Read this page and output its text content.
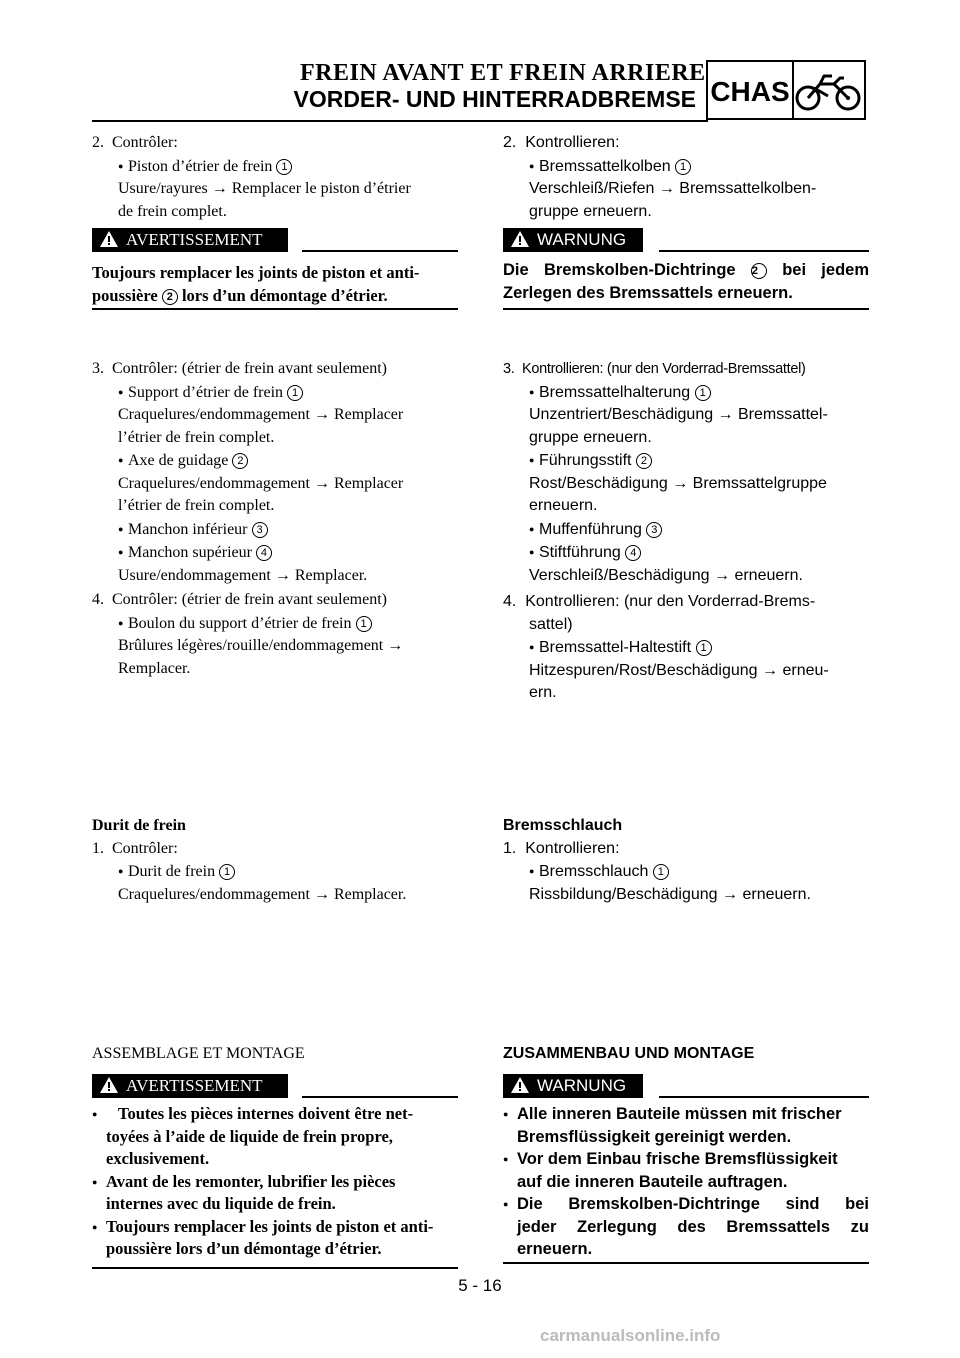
FREIN AVANT ET FREIN ARRIERE
VORDER- UND HINTERRADBREMSE CHAS

2. Contrôler:

● Piston d’étrier de frein 1

Usure/rayures → Remplacer le piston d’étrier

de frein complet.

AVERTISSEMENT

Toujours remplacer les joints de piston et anti-

poussière 2 lors d’un démontage d’étrier.

3. Contrôler: (étrier de frein avant seulement)

● Support d’étrier de frein 1

Craquelures/endommagement → Remplacer

l’étrier de frein complet.

● Axe de guidage 2

Craquelures/endommagement → Remplacer

l’étrier de frein complet.

● Manchon inférieur 3

● Manchon supérieur 4

Usure/endommagement → Remplacer.

4. Contrôler: (étrier de frein avant seulement)

● Boulon du support d’étrier de frein 1

Brûlures légères/rouille/endommagement →

Remplacer.

Durit de frein

1. Contrôler:

● Durit de frein 1

Craquelures/endommagement → Remplacer.

ASSEMBLAGE ET MONTAGE

AVERTISSEMENT

● Toutes les pièces internes doivent être net-

toyées à l’aide de liquide de frein propre,

exclusivement.

● Avant de les remonter, lubrifier les pièces

internes avec du liquide de frein.

● Toujours remplacer les joints de piston et anti-

poussière lors d’un démontage d’étrier.

2. Kontrollieren:

● Bremssattelkolben 1

Verschleiß/Riefen → Bremssattelkolben-

gruppe erneuern.

WARNUNG

Die Bremskolben-Dichtringe 2 bei jedem

Zerlegen des Bremssattels erneuern.

3. Kontrollieren: (nur den Vorderrad-Bremssattel)

● Bremssattelhalterung 1

Unzentriert/Beschädigung → Bremssattel-

gruppe erneuern.

● Führungsstift 2

Rost/Beschädigung → Bremssattelgruppe

erneuern.

● Muffenführung 3

● Stiftführung 4

Verschleiß/Beschädigung → erneuern.

4. Kontrollieren: (nur den Vorderrad-Brems-

sattel)

● Bremssattel-Haltestift 1

Hitzespuren/Rost/Beschädigung → erneu-

ern.

Bremsschlauch

1. Kontrollieren:

● Bremsschlauch 1

Rissbildung/Beschädigung → erneuern.

ZUSAMMENBAU UND MONTAGE

WARNUNG

● Alle inneren Bauteile müssen mit frischer

Bremsflüssigkeit gereinigt werden.

● Vor dem Einbau frische Bremsflüssigkeit

auf die inneren Bauteile auftragen.

● Die Bremskolben-Dichtringe sind bei

jeder Zerlegung des Bremssattels zu

erneuern.

5 - 16
carmanualsonline.info
